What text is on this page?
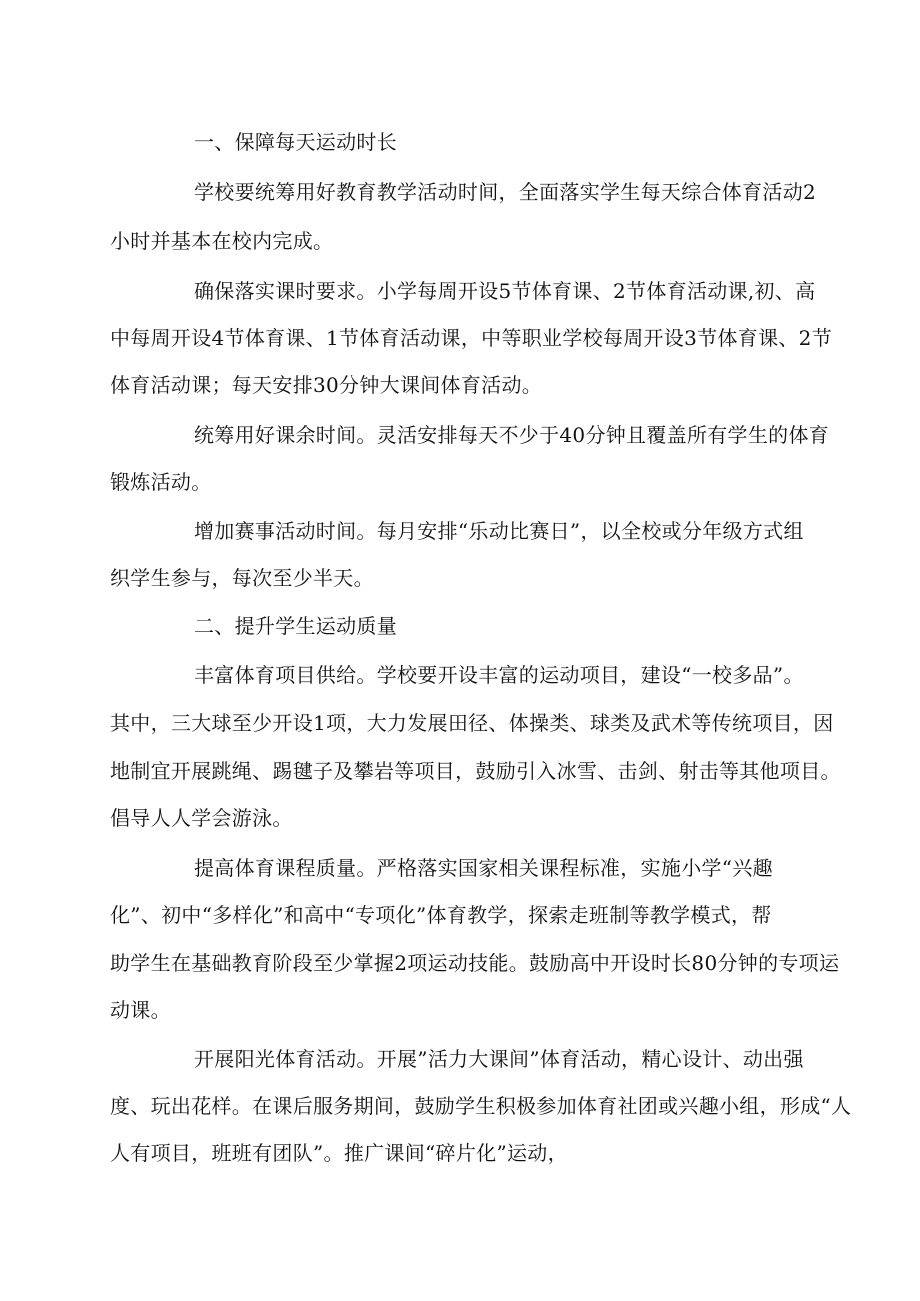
一、保障每天运动时长
学校要统筹用好教育教学活动时间，全面落实学生每天综合体育活动2
小时并基本在校内完成。
确保落实课时要求。小学每周开设5节体育课、2节体育活动课,初、高
中每周开设4节体育课、1节体育活动课，中等职业学校每周开设3节体育课、2节
体育活动课；每天安排30分钟大课间体育活动。
统筹用好课余时间。灵活安排每天不少于40分钟且覆盖所有学生的体育
锻炼活动。
增加赛事活动时间。每月安排“乐动比赛日”，以全校或分年级方式组
织学生参与，每次至少半天。
二、提升学生运动质量
丰富体育项目供给。学校要开设丰富的运动项目，建设“一校多品”。
其中，三大球至少开设1项，大力发展田径、体操类、球类及武术等传统项目，因
地制宜开展跳绳、踢毽子及攀岩等项目，鼓励引入冰雪、击剑、射击等其他项目。
倡导人人学会游泳。
提高体育课程质量。严格落实国家相关课程标准，实施小学“兴趣
化”、初中“多样化”和高中“专项化”体育教学，探索走班制等教学模式，帮
助学生在基础教育阶段至少掌握2项运动技能。鼓励高中开设时长80分钟的专项运
动课。
开展阳光体育活动。开展”活力大课间”体育活动，精心设计、动出强
度、玩出花样。在课后服务期间，鼓励学生积极参加体育社团或兴趣小组，形成“人
人有项目，班班有团队”。推广课间“碎片化”运动，
